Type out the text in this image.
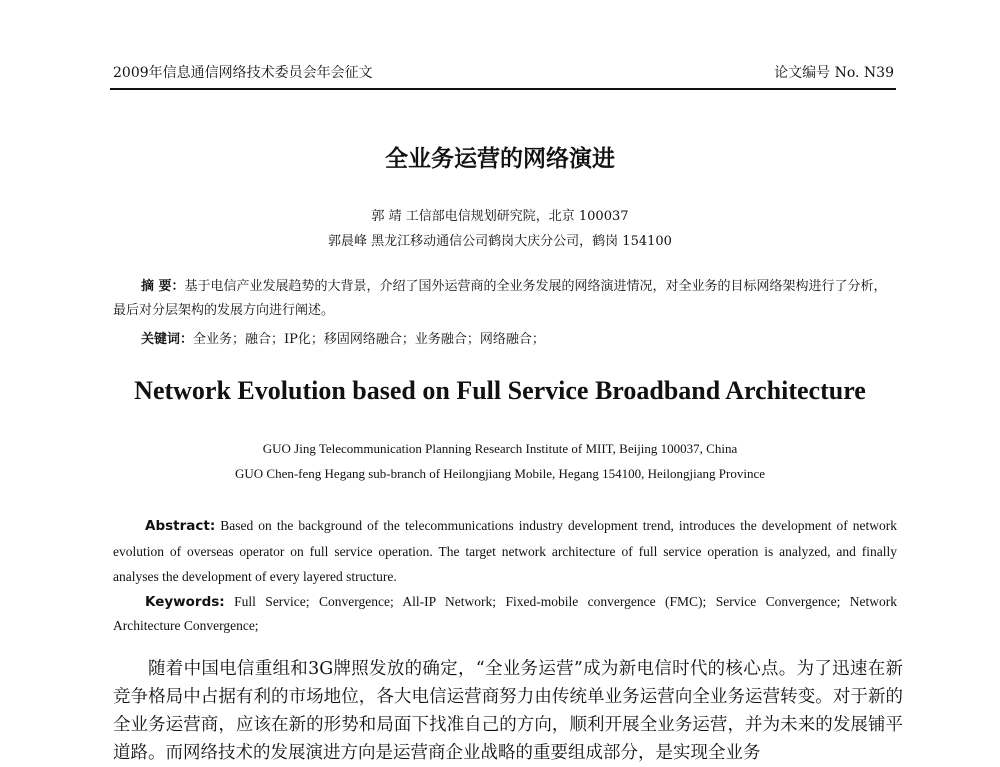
2009年信息通信网络技术委员会年会征文	论文编号 No. N39
全业务运营的网络演进
郭 靖 工信部电信规划研究院，北京 100037
郭晨峰 黑龙江移动通信公司鹤岗大庆分公司，鹤岗 154100
摘 要：基于电信产业发展趋势的大背景，介绍了国外运营商的全业务发展的网络演进情况，对全业务的目标网络架构进行了分析，最后对分层架构的发展方向进行阐述。
关键词：全业务；融合；IP化；移固网络融合；业务融合；网络融合；
Network Evolution based on Full Service Broadband Architecture
GUO Jing Telecommunication Planning Research Institute of MIIT, Beijing 100037, China
GUO Chen-feng Hegang sub-branch of Heilongjiang Mobile, Hegang 154100, Heilongjiang Province
Abstract: Based on the background of the telecommunications industry development trend, introduces the development of network evolution of overseas operator on full service operation. The target network architecture of full service operation is analyzed, and finally analyses the development of every layered structure.
Keywords: Full Service; Convergence; All-IP Network; Fixed-mobile convergence (FMC); Service Convergence; Network Architecture Convergence;
随着中国电信重组和3G牌照发放的确定，“全业务运营”成为新电信时代的核心点。为了迅速在新竞争格局中占据有利的市场地位，各大电信运营商努力由传统单业务运营向全业务运营转变。对于新的全业务运营商，应该在新的形势和局面下找准自己的方向，顺利开展全业务运营，并为未来的发展铺平道路。而网络技术的发展演进方向是运营商企业战略的重要组成部分，是实现全业务
